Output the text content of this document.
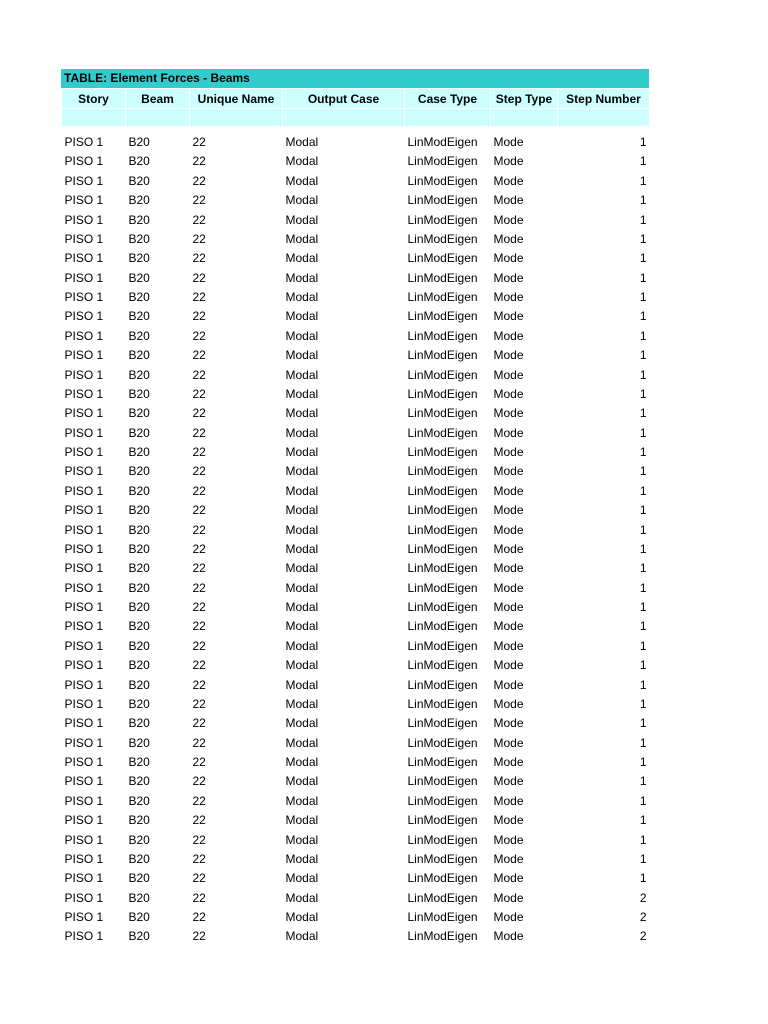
TABLE: Element Forces - Beams
Story	Beam	Unique Name	Output Case	Case Type	Step Type	Step Number

PISO 1	B20	22	Modal	LinModEigen	Mode	1
PISO 1	B20	22	Modal	LinModEigen	Mode	1
PISO 1	B20	22	Modal	LinModEigen	Mode	1
PISO 1	B20	22	Modal	LinModEigen	Mode	1
PISO 1	B20	22	Modal	LinModEigen	Mode	1
PISO 1	B20	22	Modal	LinModEigen	Mode	1
PISO 1	B20	22	Modal	LinModEigen	Mode	1
PISO 1	B20	22	Modal	LinModEigen	Mode	1
PISO 1	B20	22	Modal	LinModEigen	Mode	1
PISO 1	B20	22	Modal	LinModEigen	Mode	1
PISO 1	B20	22	Modal	LinModEigen	Mode	1
PISO 1	B20	22	Modal	LinModEigen	Mode	1
PISO 1	B20	22	Modal	LinModEigen	Mode	1
PISO 1	B20	22	Modal	LinModEigen	Mode	1
PISO 1	B20	22	Modal	LinModEigen	Mode	1
PISO 1	B20	22	Modal	LinModEigen	Mode	1
PISO 1	B20	22	Modal	LinModEigen	Mode	1
PISO 1	B20	22	Modal	LinModEigen	Mode	1
PISO 1	B20	22	Modal	LinModEigen	Mode	1
PISO 1	B20	22	Modal	LinModEigen	Mode	1
PISO 1	B20	22	Modal	LinModEigen	Mode	1
PISO 1	B20	22	Modal	LinModEigen	Mode	1
PISO 1	B20	22	Modal	LinModEigen	Mode	1
PISO 1	B20	22	Modal	LinModEigen	Mode	1
PISO 1	B20	22	Modal	LinModEigen	Mode	1
PISO 1	B20	22	Modal	LinModEigen	Mode	1
PISO 1	B20	22	Modal	LinModEigen	Mode	1
PISO 1	B20	22	Modal	LinModEigen	Mode	1
PISO 1	B20	22	Modal	LinModEigen	Mode	1
PISO 1	B20	22	Modal	LinModEigen	Mode	1
PISO 1	B20	22	Modal	LinModEigen	Mode	1
PISO 1	B20	22	Modal	LinModEigen	Mode	1
PISO 1	B20	22	Modal	LinModEigen	Mode	1
PISO 1	B20	22	Modal	LinModEigen	Mode	1
PISO 1	B20	22	Modal	LinModEigen	Mode	1
PISO 1	B20	22	Modal	LinModEigen	Mode	1
PISO 1	B20	22	Modal	LinModEigen	Mode	1
PISO 1	B20	22	Modal	LinModEigen	Mode	1
PISO 1	B20	22	Modal	LinModEigen	Mode	1
PISO 1	B20	22	Modal	LinModEigen	Mode	2
PISO 1	B20	22	Modal	LinModEigen	Mode	2
PISO 1	B20	22	Modal	LinModEigen	Mode	2
